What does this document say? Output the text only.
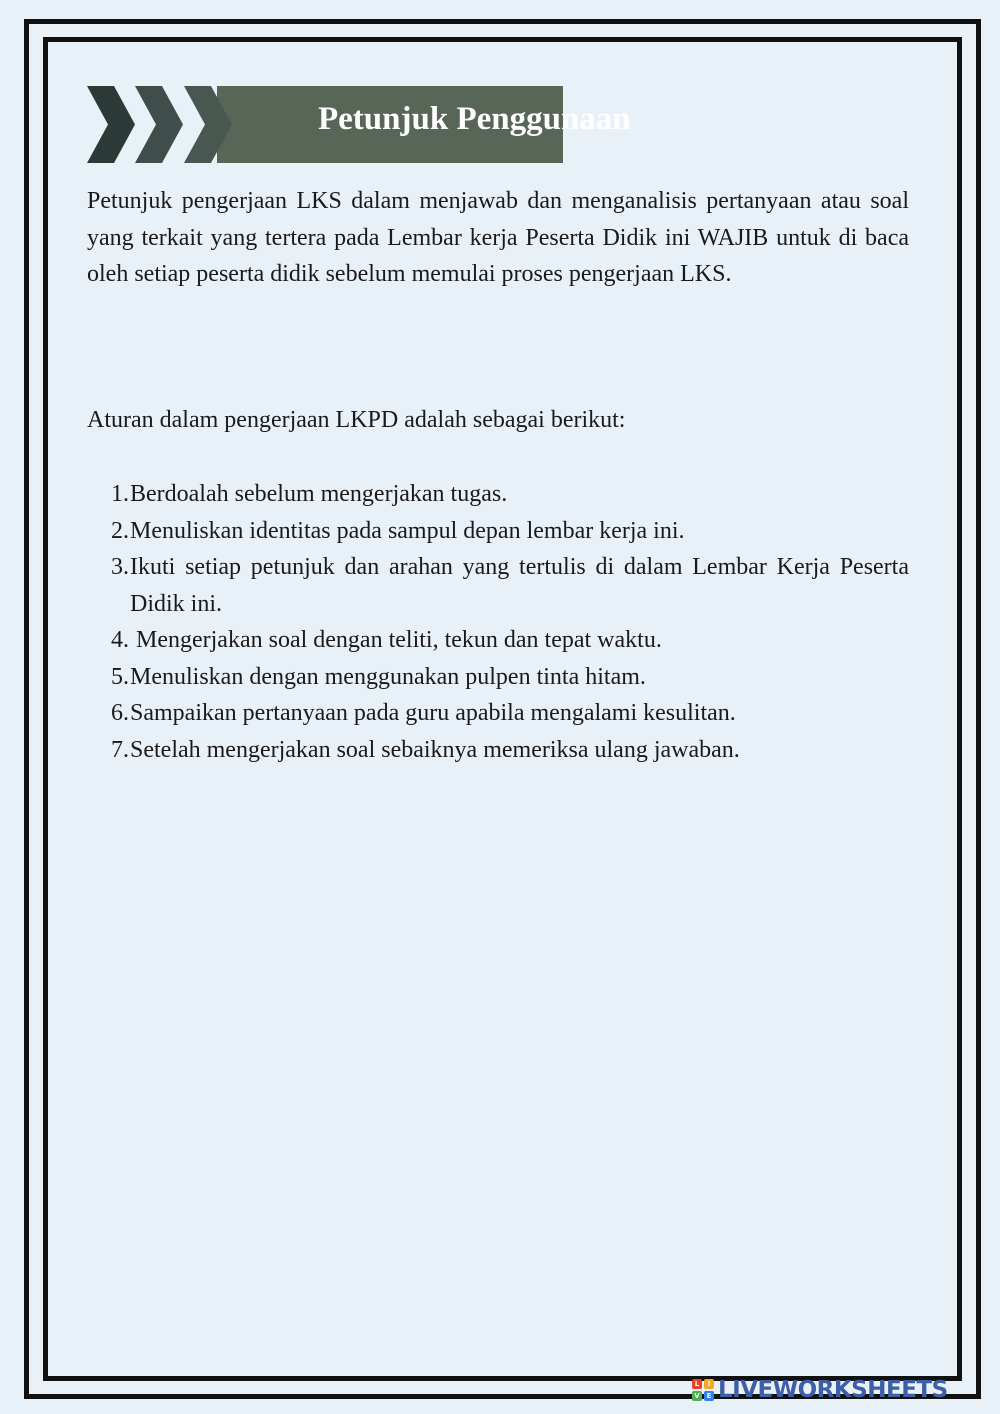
Petunjuk Penggunaan

Petunjuk pengerjaan LKS dalam menjawab dan menganalisis pertanyaan atau soal yang terkait yang tertera pada Lembar kerja Peserta Didik ini WAJIB untuk di baca oleh setiap peserta didik sebelum memulai proses pengerjaan LKS.

Aturan dalam pengerjaan LKPD adalah sebagai berikut:

1. Berdoalah sebelum mengerjakan tugas.
2. Menuliskan identitas pada sampul depan lembar kerja ini.
3. Ikuti setiap petunjuk dan arahan yang tertulis di dalam Lembar Kerja Peserta Didik ini.
4. Mengerjakan soal dengan teliti, tekun dan tepat waktu.
5. Menuliskan dengan menggunakan pulpen tinta hitam.
6. Sampaikan pertanyaan pada guru apabila mengalami kesulitan.
7. Setelah mengerjakan soal sebaiknya memeriksa ulang jawaban.
L	I
V E LIVEWORKSHEETS
